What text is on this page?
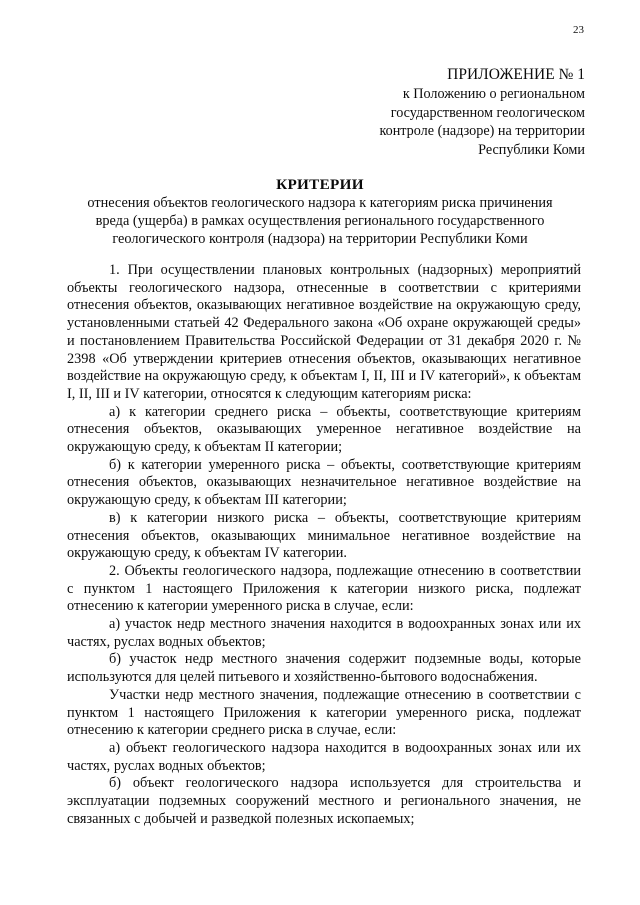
23
ПРИЛОЖЕНИЕ № 1
к Положению о региональном
государственном геологическом
контроле (надзоре) на территории
Республики Коми
КРИТЕРИИ
отнесения объектов геологического надзора к категориям риска причинения вреда (ущерба) в рамках осуществления регионального государственного геологического контроля (надзора) на территории Республики Коми

1. При осуществлении плановых контрольных (надзорных) мероприятий объекты геологического надзора, отнесенные в соответствии с критериями отнесения объектов, оказывающих негативное воздействие на окружающую среду, установленными статьей 42 Федерального закона «Об охране окружающей среды» и постановлением Правительства Российской Федерации от 31 декабря 2020 г. № 2398 «Об утверждении критериев отнесения объектов, оказывающих негативное воздействие на окружающую среду, к объектам I, II, III и IV категорий», к объектам I, II, III и IV категории, относятся к следующим категориям риска:

а) к категории среднего риска – объекты, соответствующие критериям отнесения объектов, оказывающих умеренное негативное воздействие на окружающую среду, к объектам II категории;

б) к категории умеренного риска – объекты, соответствующие критериям отнесения объектов, оказывающих незначительное негативное воздействие на окружающую среду, к объектам III категории;

в) к категории низкого риска – объекты, соответствующие критериям отнесения объектов, оказывающих минимальное негативное воздействие на окружающую среду, к объектам IV категории.

2. Объекты геологического надзора, подлежащие отнесению в соответствии с пунктом 1 настоящего Приложения к категории низкого риска, подлежат отнесению к категории умеренного риска в случае, если:

а) участок недр местного значения находится в водоохранных зонах или их частях, руслах водных объектов;

б) участок недр местного значения содержит подземные воды, которые используются для целей питьевого и хозяйственно-бытового водоснабжения.

Участки недр местного значения, подлежащие отнесению в соответствии с пунктом 1 настоящего Приложения к категории умеренного риска, подлежат отнесению к категории среднего риска в случае, если:

а) объект геологического надзора находится в водоохранных зонах или их частях, руслах водных объектов;

б) объект геологического надзора используется для строительства и эксплуатации подземных сооружений местного и регионального значения, не связанных с добычей и разведкой полезных ископаемых;
